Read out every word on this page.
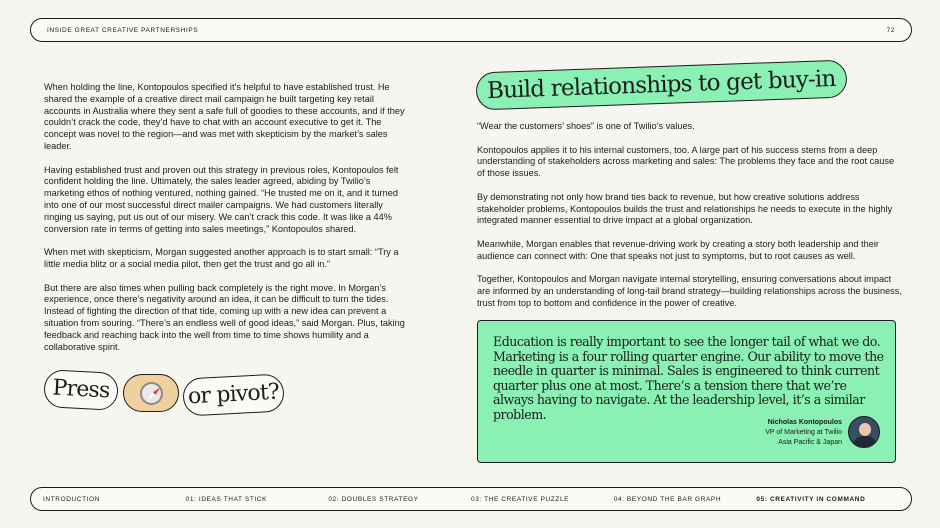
INSIDE GREAT CREATIVE PARTNERSHIPS	72

When holding the line, Kontopoulos specified it’s helpful to have established trust. He shared the example of a creative direct mail campaign he built targeting key retail accounts in Australia where they sent a safe full of goodies to these accounts, and if they couldn’t crack the code, they’d have to chat with an account executive to get it. The concept was novel to the region—and was met with skepticism by the market’s sales leader.

Having established trust and proven out this strategy in previous roles, Kontopoulos felt confident holding the line. Ultimately, the sales leader agreed, abiding by Twilio’s marketing ethos of nothing ventured, nothing gained. “He trusted me on it, and it turned into one of our most successful direct mailer campaigns. We had customers literally ringing us saying, put us out of our misery. We can’t crack this code. It was like a 44% conversion rate in terms of getting into sales meetings,” Kontopoulos shared.

When met with skepticism, Morgan suggested another approach is to start small: “Try a little media blitz or a social media pilot, then get the trust and go all in.”

But there are also times when pulling back completely is the right move. In Morgan’s experience, once there’s negativity around an idea, it can be difficult to turn the tides. Instead of fighting the direction of that tide, coming up with a new idea can prevent a situation from souring. “There’s an endless well of good ideas,” said Morgan. Plus, taking feedback and reaching back into the well from time to time shows humility and a collaborative spirit.

Press	or pivot?
Build relationships to get buy-in

“Wear the customers’ shoes” is one of Twilio’s values.

Kontopoulos applies it to his internal customers, too. A large part of his success stems from a deep understanding of stakeholders across marketing and sales: The problems they face and the root cause of those issues.

By demonstrating not only how brand ties back to revenue, but how creative solutions address stakeholder problems, Kontopoulos builds the trust and relationships he needs to execute in the highly integrated manner essential to drive impact at a global organization.

Meanwhile, Morgan enables that revenue-driving work by creating a story both leadership and their audience can connect with: One that speaks not just to symptoms, but to root causes as well.

Together, Kontopoulos and Morgan navigate internal storytelling, ensuring conversations about impact are informed by an understanding of long-tail brand strategy—building relationships across the business, trust from top to bottom and confidence in the power of creative.

Education is really important to see the longer tail of what we do. Marketing is a four rolling quarter engine. Our ability to move the needle in quarter is minimal. Sales is engineered to think current quarter plus one at most. There’s a tension there that we’re always having to navigate. At the leadership level, it’s a similar problem.
Nicholas Kontopoulos
VP of Marketing at Twilio
Asia Pacific & Japan
INTRODUCTION	01: IDEAS THAT STICK	02: DOUBLES STRATEGY	03: THE CREATIVE PUZZLE	04: BEYOND THE BAR GRAPH	05: CREATIVITY IN COMMAND
